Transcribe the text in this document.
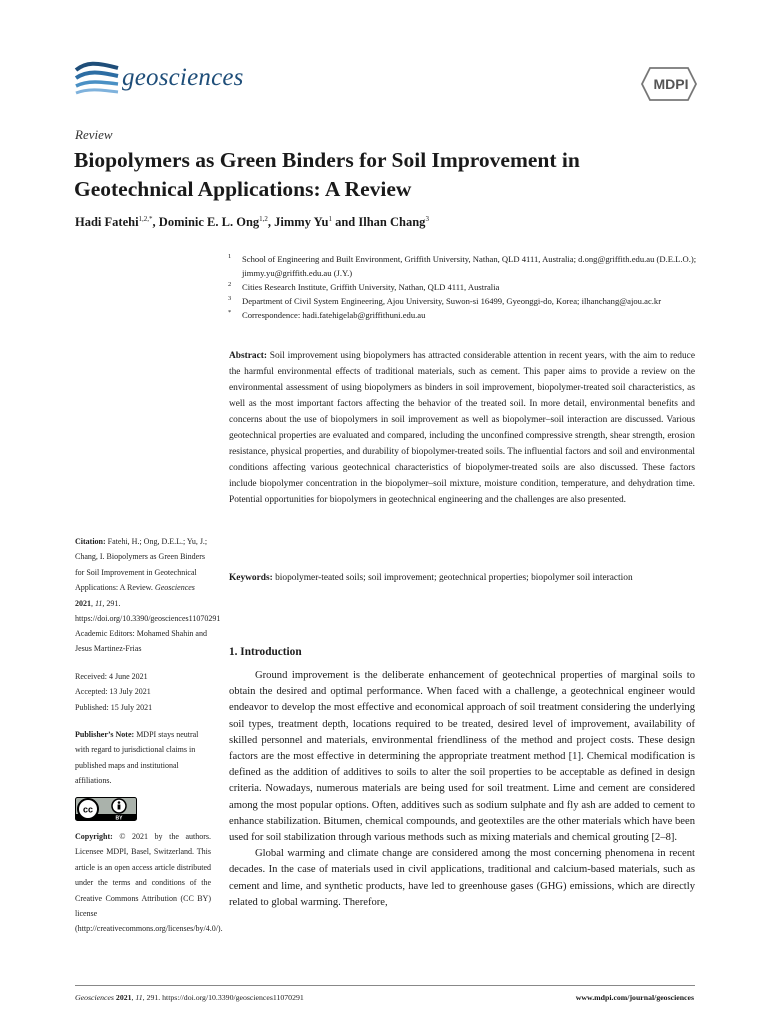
geosciences	MDPI
Review
Biopolymers as Green Binders for Soil Improvement in Geotechnical Applications: A Review
Hadi Fatehi$^{1,2,*}$, Dominic E. L. Ong$^{1,2}$, Jimmy Yu$^1$ and Ilhan Chang$^3$
1 School of Engineering and Built Environment, Griffith University, Nathan, QLD 4111, Australia; d.ong@griffith.edu.au (D.E.L.O.); jimmy.yu@griffith.edu.au (J.Y.)
2 Cities Research Institute, Griffith University, Nathan, QLD 4111, Australia
3 Department of Civil System Engineering, Ajou University, Suwon-si 16499, Gyeonggi-do, Korea; ilhanchang@ajou.ac.kr
* Correspondence: hadi.fatehigelab@griffithuni.edu.au
Abstract: Soil improvement using biopolymers has attracted considerable attention in recent years, with the aim to reduce the harmful environmental effects of traditional materials, such as cement. This paper aims to provide a review on the environmental assessment of using biopolymers as binders in soil improvement, biopolymer-treated soil characteristics, as well as the most important factors affecting the behavior of the treated soil. In more detail, environmental benefits and concerns about the use of biopolymers in soil improvement as well as biopolymer–soil interaction are discussed. Various geotechnical properties are evaluated and compared, including the unconfined compressive strength, shear strength, erosion resistance, physical properties, and durability of biopolymer-treated soils. The influential factors and soil and environmental conditions affecting various geotechnical characteristics of biopolymer-treated soils are also discussed. These factors include biopolymer concentration in the biopolymer–soil mixture, moisture condition, temperature, and dehydration time. Potential opportunities for biopolymers in geotechnical engineering and the challenges are also presented.
Keywords: biopolymer-teated soils; soil improvement; geotechnical properties; biopolymer soil interaction
Citation: Fatehi, H.; Ong, D.E.L.; Yu, J.; Chang, I. Biopolymers as Green Binders for Soil Improvement in Geotechnical Applications: A Review. Geosciences 2021, 11, 291. https://doi.org/10.3390/geosciences11070291
Academic Editors: Mohamed Shahin and Jesus Martinez-Frias
Received: 4 June 2021
Accepted: 13 July 2021
Published: 15 July 2021
Publisher’s Note: MDPI stays neutral with regard to jurisdictional claims in published maps and institutional affiliations.
cc
BY
Copyright: © 2021 by the authors. Licensee MDPI, Basel, Switzerland. This article is an open access article distributed under the terms and conditions of the Creative Commons Attribution (CC BY) license (http://creativecommons.org/licenses/by/4.0/).
1. Introduction

Ground improvement is the deliberate enhancement of geotechnical properties of marginal soils to obtain the desired and optimal performance. When faced with a challenge, a geotechnical engineer would endeavor to develop the most effective and economical approach of soil treatment considering the underlying soil types, treatment depth, locations required to be treated, desired level of improvement, availability of skilled personnel and materials, environmental friendliness of the method and project costs. These design factors are the most effective in determining the appropriate treatment method [1]. Chemical modification is defined as the addition of additives to soils to alter the soil properties to be acceptable as defined in design criteria. Nowadays, numerous materials are being used for soil treatment. Lime and cement are considered among the most popular options. Often, additives such as sodium sulphate and fly ash are added to cement to enhance stabilization. Bitumen, chemical compounds, and geotextiles are the other materials which have been used for soil stabilization through various methods such as mixing materials and chemical grouting [2–8].

Global warming and climate change are considered among the most concerning phenomena in recent decades. In the case of materials used in civil applications, traditional and calcium-based materials, such as cement and lime, and synthetic products, have led to greenhouse gases (GHG) emissions, which are directly related to global warming. Therefore,

Geosciences 2021, 11, 291. https://doi.org/10.3390/geosciences11070291	www.mdpi.com/journal/geosciences
